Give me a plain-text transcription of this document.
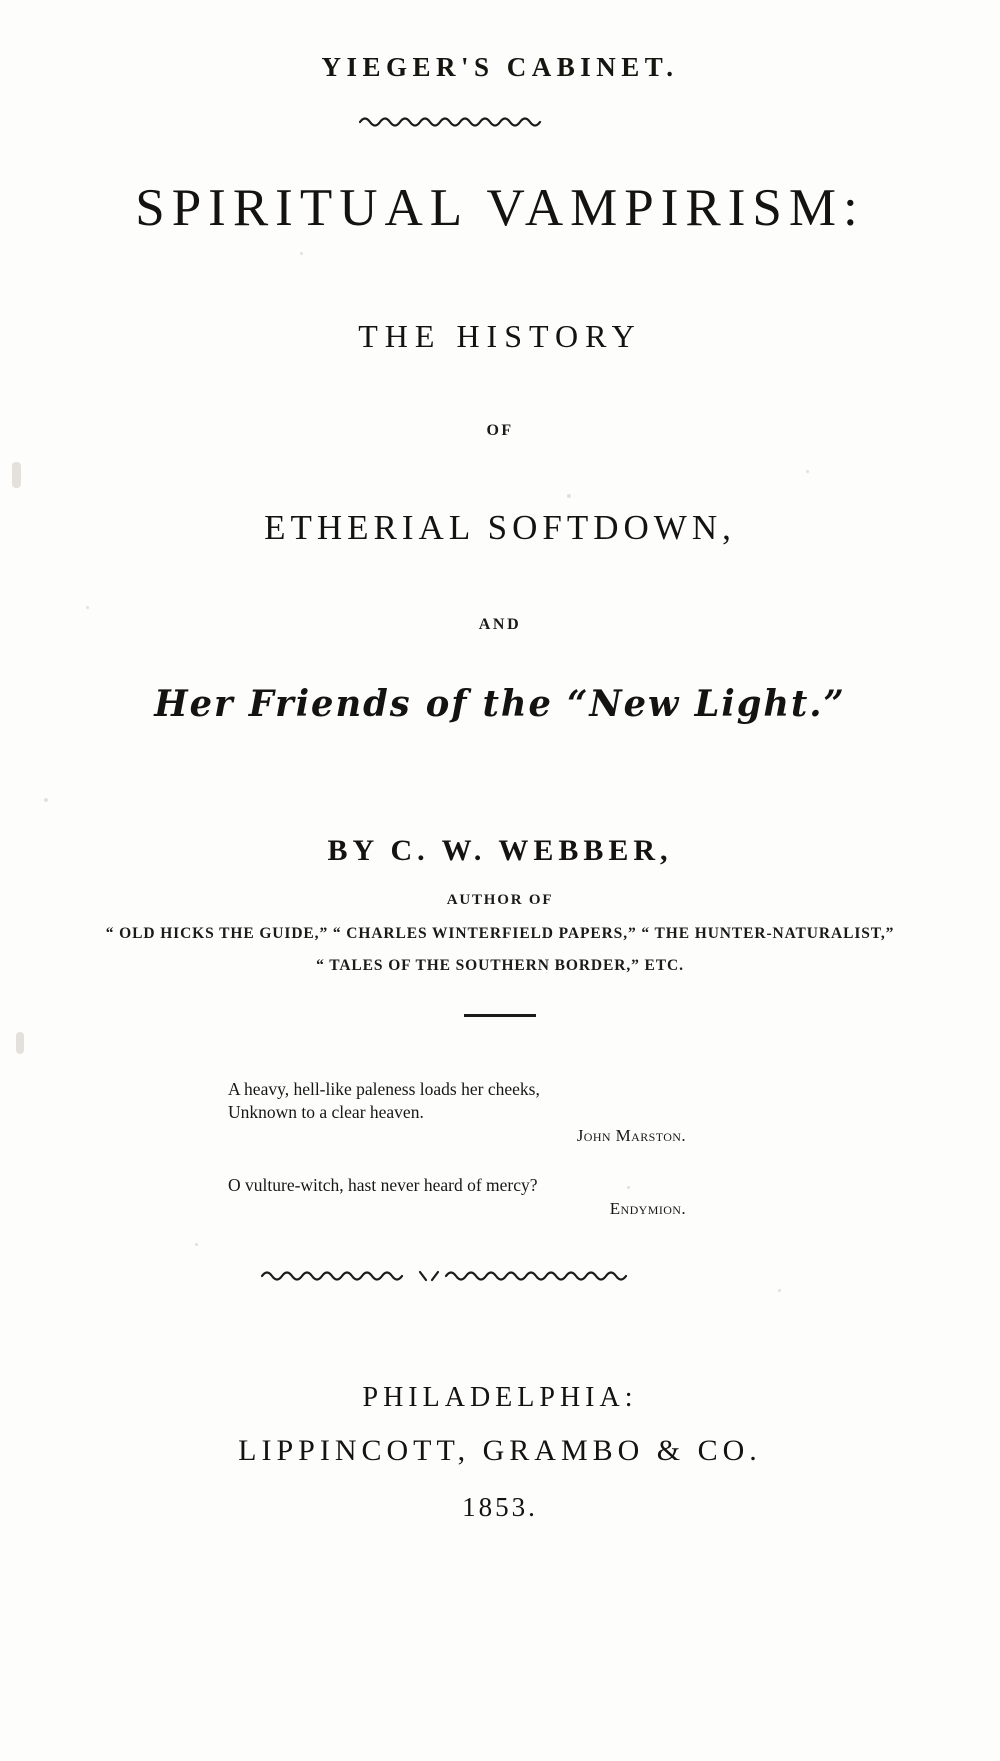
YIEGER'S CABINET.
SPIRITUAL VAMPIRISM:
THE HISTORY
OF
ETHERIAL SOFTDOWN,
AND
Her Friends of the “New Light.”
BY C. W. WEBBER,
AUTHOR OF
“ OLD HICKS THE GUIDE,” “ CHARLES WINTERFIELD PAPERS,” “ THE HUNTER-NATURALIST,”
“ TALES OF THE SOUTHERN BORDER,” ETC.
A heavy, hell-like paleness loads her cheeks,
Unknown to a clear heaven.
John Marston.
O vulture-witch, hast never heard of mercy?
Endymion.
PHILADELPHIA:
LIPPINCOTT, GRAMBO & CO.
1853.
